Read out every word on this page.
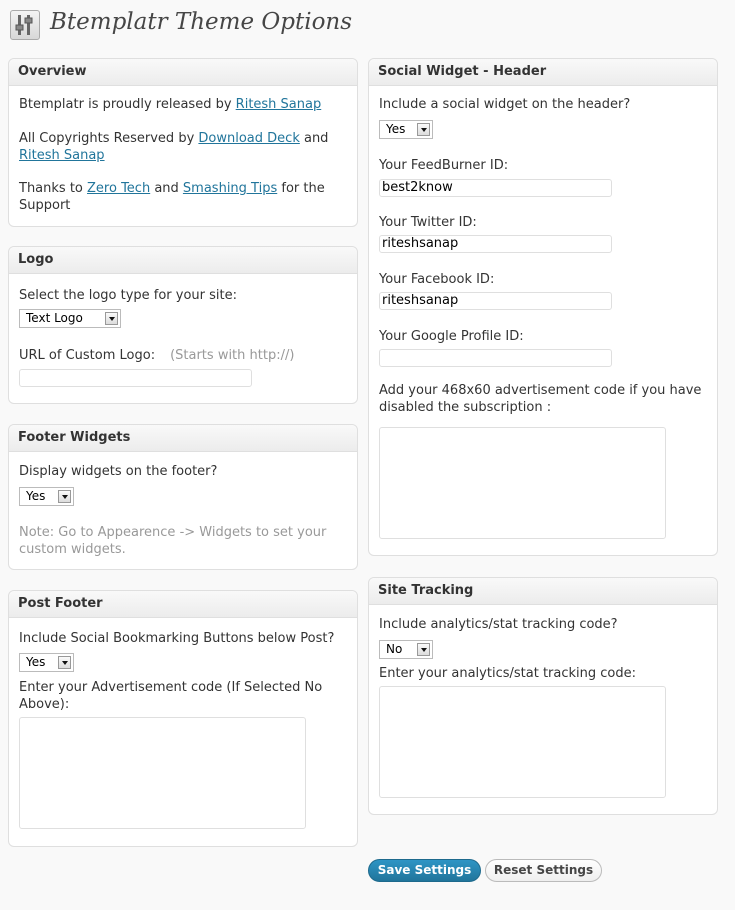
Btemplatr Theme Options
Overview
Btemplatr is proudly released by Ritesh Sanap
All Copyrights Reserved by Download Deck and
Ritesh Sanap
Thanks to Zero Tech and Smashing Tips for the
Support
Logo
Select the logo type for your site:
Text Logo
URL of Custom Logo: (Starts with http://)
Footer Widgets
Display widgets on the footer?
Yes
Note: Go to Appearence -> Widgets to set your
custom widgets.
Post Footer
Include Social Bookmarking Buttons below Post?
Yes
Enter your Advertisement code (If Selected No
Above):
Social Widget - Header
Include a social widget on the header?
Yes
Your FeedBurner ID:
best2know
Your Twitter ID:
riteshsanap
Your Facebook ID:
riteshsanap
Your Google Profile ID:
Add your 468x60 advertisement code if you have
disabled the subscription :
Site Tracking
Include analytics/stat tracking code?
No
Enter your analytics/stat tracking code:
Save Settings	Reset Settings
